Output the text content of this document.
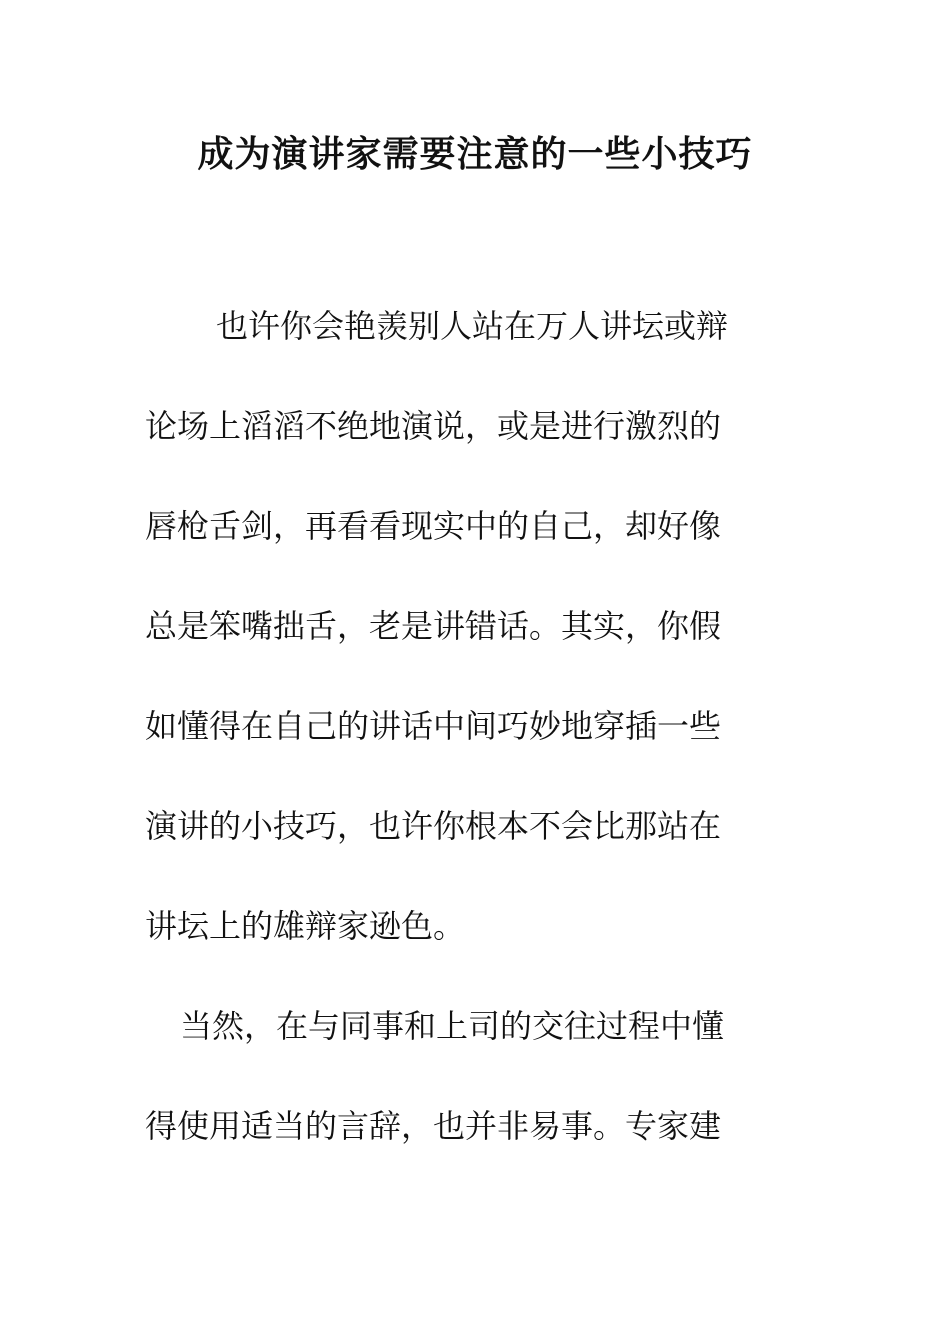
成为演讲家需要注意的一些小技巧

也许你会艳羡别人站在万人讲坛或辩

论场上滔滔不绝地演说，或是进行激烈的

唇枪舌剑，再看看现实中的自己，却好像

总是笨嘴拙舌，老是讲错话。其实，你假

如懂得在自己的讲话中间巧妙地穿插一些

演讲的小技巧，也许你根本不会比那站在

讲坛上的雄辩家逊色。

当然，在与同事和上司的交往过程中懂

得使用适当的言辞，也并非易事。专家建
